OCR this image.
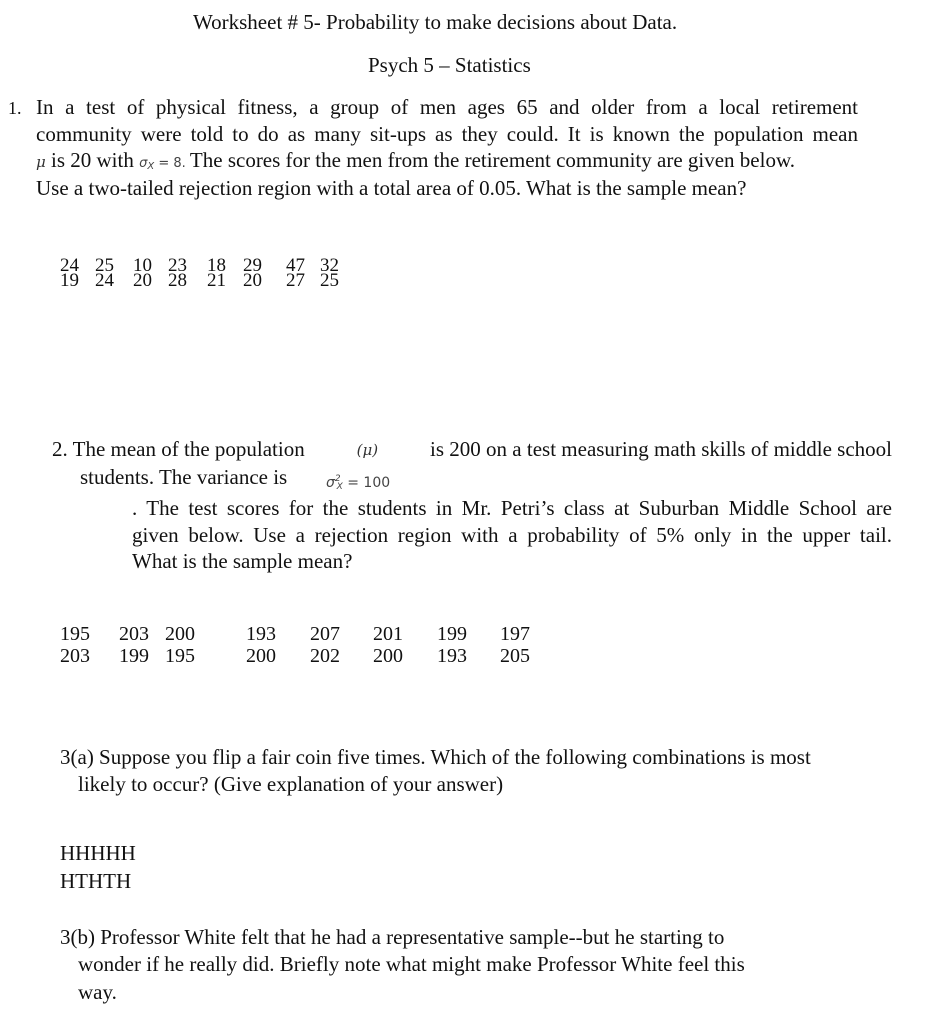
Worksheet # 5- Probability to make decisions about Data.
Psych 5 – Statistics
1. In a test of physical fitness, a group of men ages 65 and older from a local retirement
community were told to do as many sit-ups as they could. It is known the population mean
μ is 20 with $\sigma_X = 8$. The scores for the men from the retirement community are given below.
Use a two-tailed rejection region with a total area of 0.05. What is the sample mean?
24 25 10 23 18 29 47 32
19 24 20 28 21 20 27 25
2. The mean of the population	(μ) is 200 on a test measuring math skills of middle school
students. The variance is	$\sigma^2X = 100$
. The test scores for the students in Mr. Petri’s class at Suburban Middle School are
given below. Use a rejection region with a probability of 5% only in the upper tail.
What is the sample mean?
195 203 200	193 207 201 199 197
203 199 195	200 202 200 193 205
3(a) Suppose you flip a fair coin five times. Which of the following combinations is most
likely to occur? (Give explanation of your answer)
HHHHH
HTHTH
3(b) Professor White felt that he had a representative sample--but he starting to
wonder if he really did. Briefly note what might make Professor White feel this
way.
